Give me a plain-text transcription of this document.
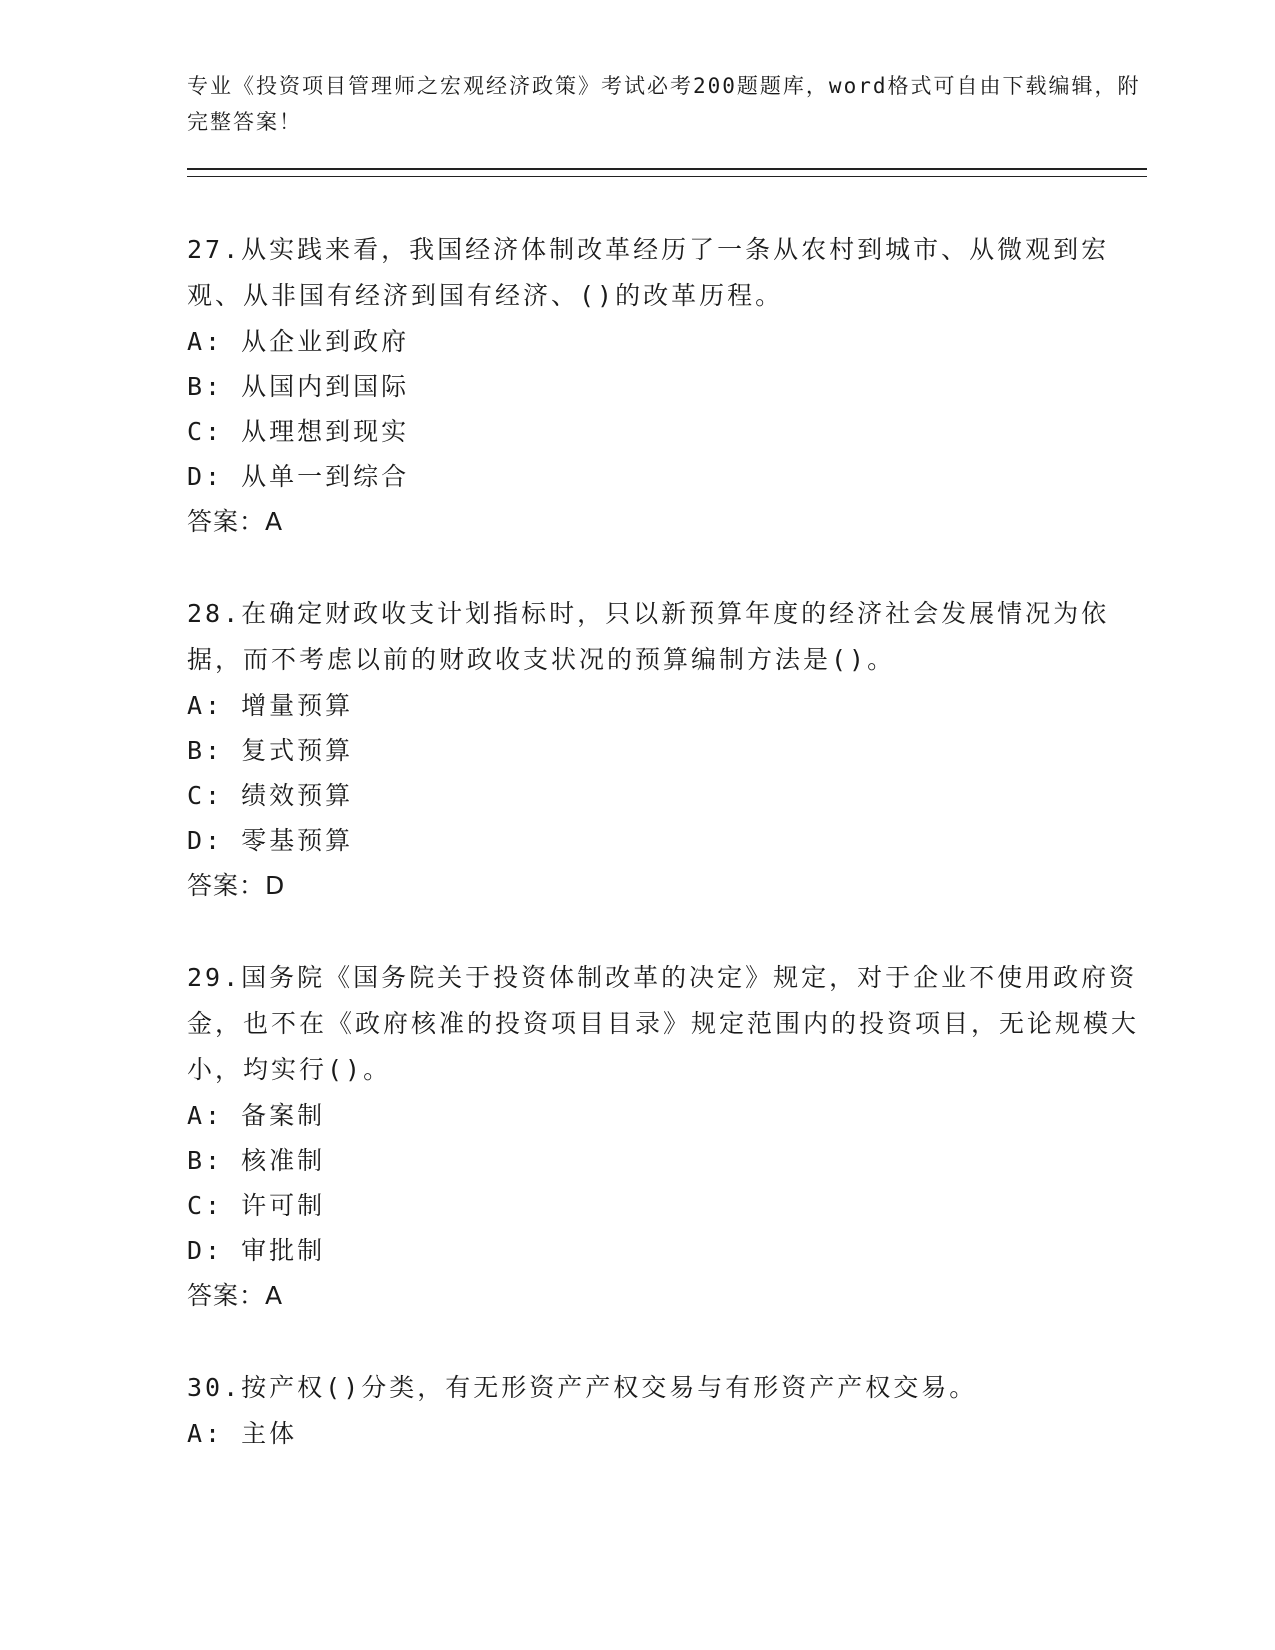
专业《投资项目管理师之宏观经济政策》考试必考200题题库，word格式可自由下载编辑，附完整答案！

27.从实践来看，我国经济体制改革经历了一条从农村到城市、从微观到宏观、从非国有经济到国有经济、()的改革历程。

A: 从企业到政府

B: 从国内到国际

C: 从理想到现实

D: 从单一到综合

答案：A

28.在确定财政收支计划指标时，只以新预算年度的经济社会发展情况为依据，而不考虑以前的财政收支状况的预算编制方法是()。

A: 增量预算

B: 复式预算

C: 绩效预算

D: 零基预算

答案：D

29.国务院《国务院关于投资体制改革的决定》规定，对于企业不使用政府资金，也不在《政府核准的投资项目目录》规定范围内的投资项目，无论规模大小，均实行()。

A: 备案制

B: 核准制

C: 许可制

D: 审批制

答案：A

30.按产权()分类，有无形资产产权交易与有形资产产权交易。

A: 主体
